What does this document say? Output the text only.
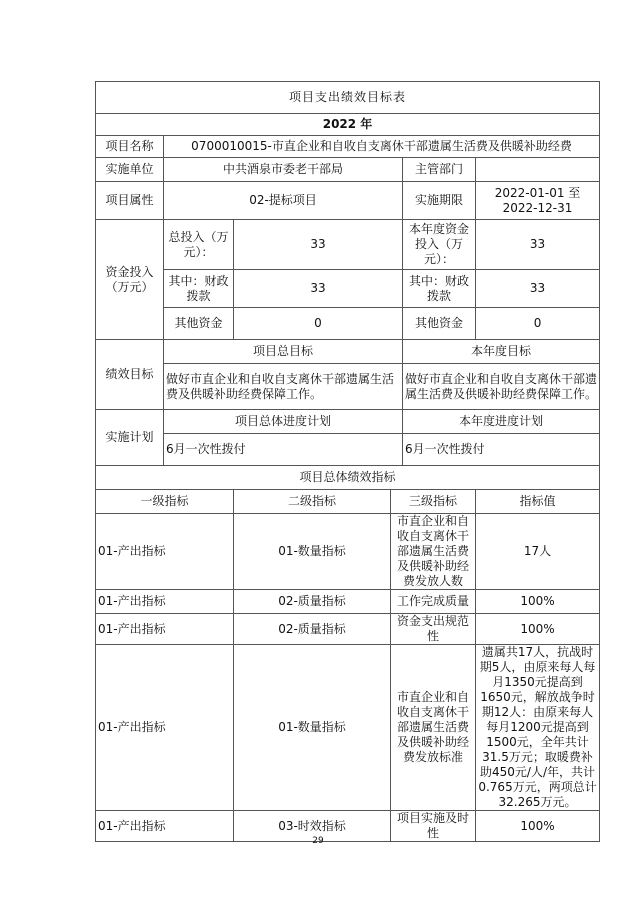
项目支出绩效目标表					
2022 年					
项目名称	0700010015-市直企业和自收自支离休干部遗属生活费及供暖补助经费				
实施单位	中共酒泉市委老干部局			主管部门	
项目属性	02-提标项目			实施期限	2022-01-01 至 2022-12-31
资金投入（万元）	总投入（万元）：	33		本年度资金投入（万元）：	33
	其中：财政拨款	33		其中：财政拨款	33
	其他资金	0		其他资金	0
绩效目标	项目总目标			本年度目标	
	做好市直企业和自收自支离休干部遗属生活费及供暖补助经费保障工作。			做好市直企业和自收自支离休干部遗属生活费及供暖补助经费保障工作。	
实施计划	项目总体进度计划			本年度进度计划	
	6月一次性拨付			6月一次性拨付	
项目总体绩效指标					
一级指标		二级指标	三级指标		指标值
01-产出指标		01-数量指标	市直企业和自收自支离休干部遗属生活费及供暖补助经费发放人数		17人
01-产出指标		02-质量指标	工作完成质量		100%
01-产出指标		02-质量指标	资金支出规范性		100%
01-产出指标		01-数量指标	市直企业和自收自支离休干部遗属生活费及供暖补助经费发放标准		遗属共17人，抗战时期5人，由原来每人每月1350元提高到1650元，解放战争时期12人：由原来每人每月1200元提高到1500元，全年共计31.5万元；取暖费补助450元/人/年，共计0.765万元，两项总计32.265万元。
01-产出指标		03-时效指标	项目实施及时性		100%
29
